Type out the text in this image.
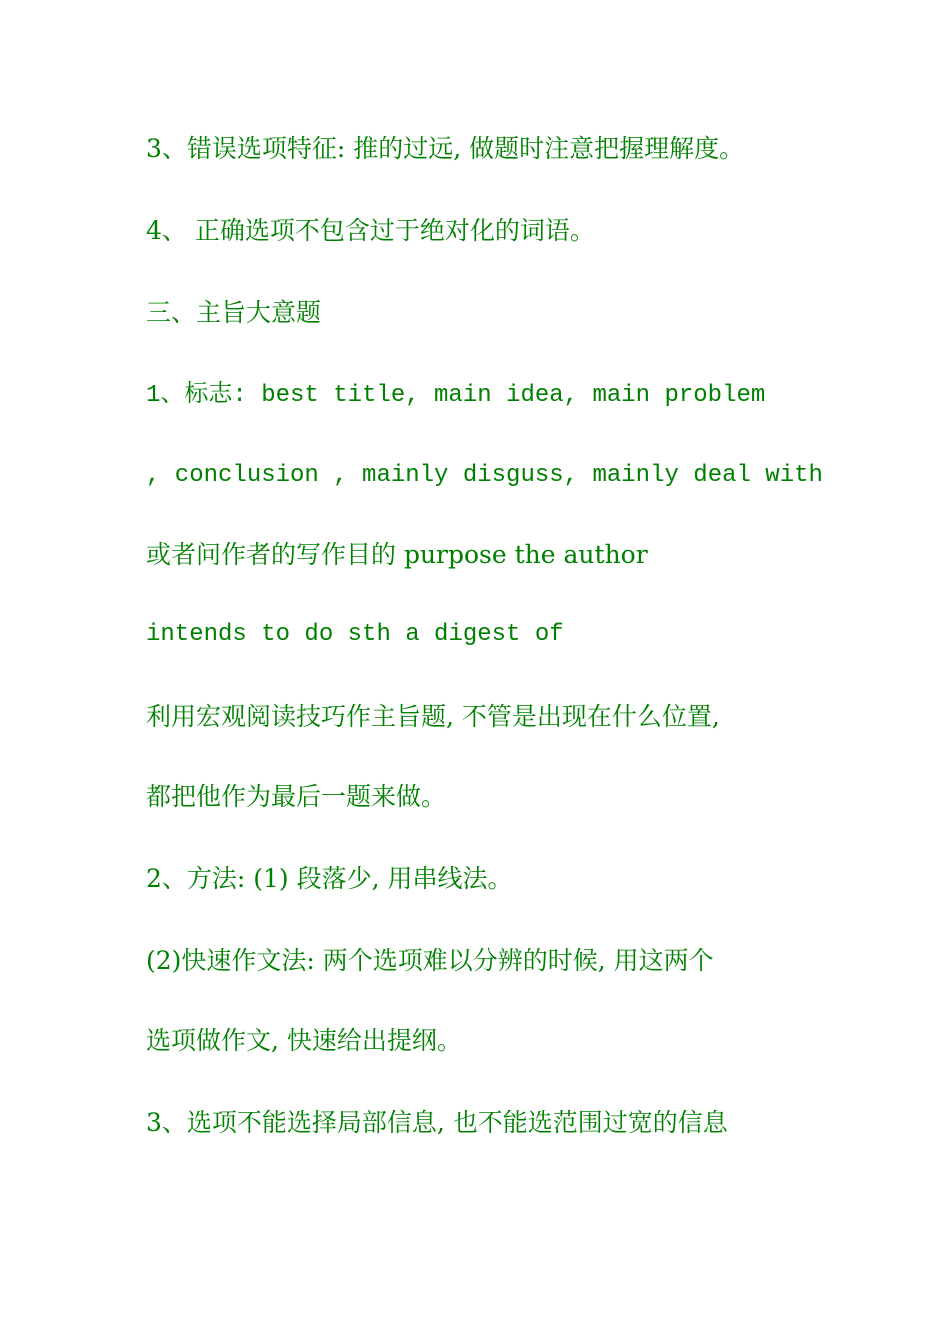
3、错误选项特征: 推的过远, 做题时注意把握理解度。
4、 正确选项不包含过于绝对化的词语。
三、主旨大意题
1、标志: best title, main idea, main problem
, conclusion , mainly disguss, mainly deal with
或者问作者的写作目的 purpose the author
intends to do sth a digest of
利用宏观阅读技巧作主旨题, 不管是出现在什么位置,
都把他作为最后一题来做。
2、方法: (1) 段落少, 用串线法。
(2)快速作文法: 两个选项难以分辨的时候, 用这两个
选项做作文, 快速给出提纲。
3、选项不能选择局部信息, 也不能选范围过宽的信息
